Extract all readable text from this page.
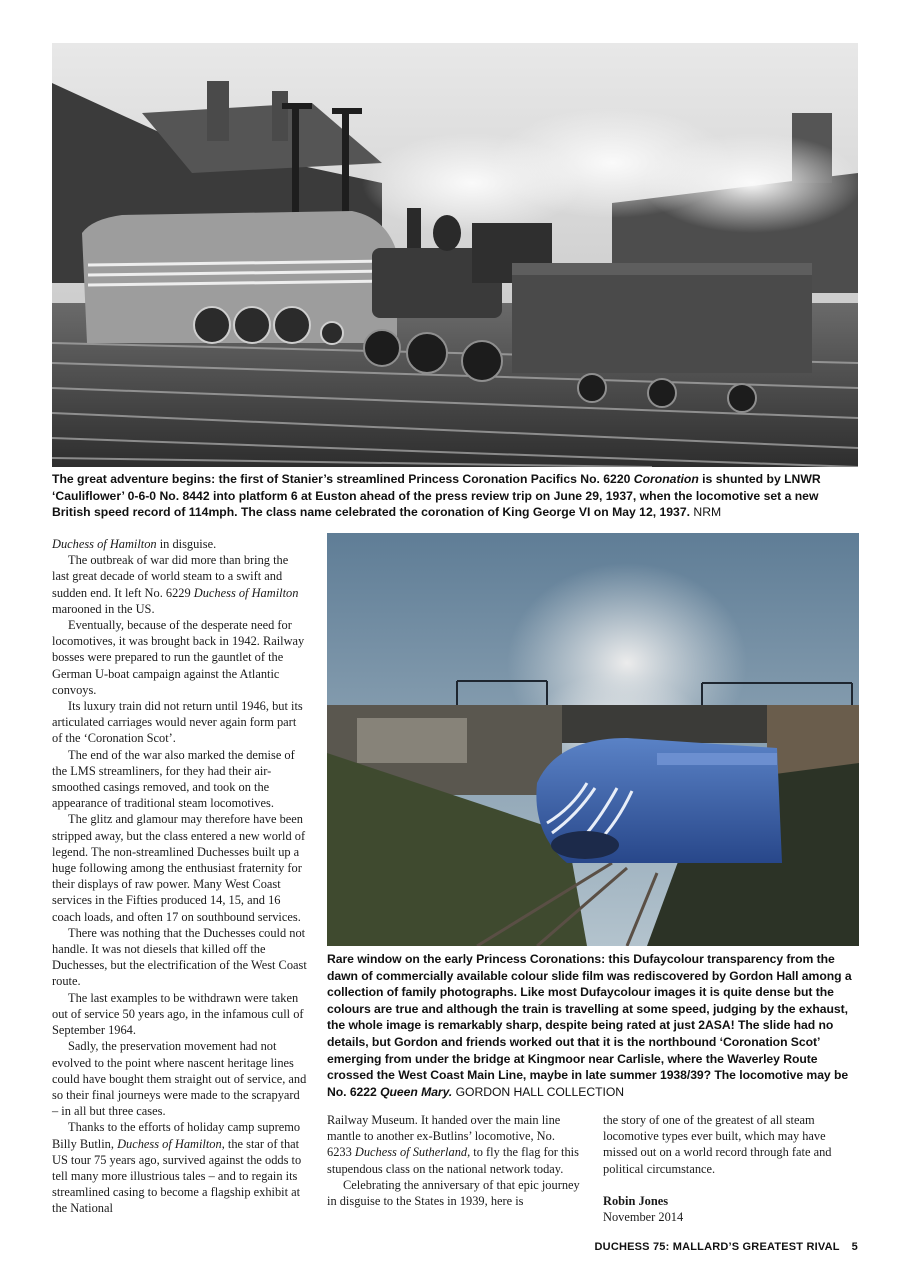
The great adventure begins: the first of Stanier’s streamlined Princess Coronation Pacifics No. 6220 Coronation is shunted by LNWR ‘Cauliflower’ 0-6-0 No. 8442 into platform 6 at Euston ahead of the press review trip on June 29, 1937, when the locomotive set a new British speed record of 114mph. The class name celebrated the coronation of King George VI on May 12, 1937. NRM
Rare window on the early Princess Coronations: this Dufaycolour transparency from the dawn of commercially available colour slide film was rediscovered by Gordon Hall among a collection of family photographs. Like most Dufaycolour images it is quite dense but the colours are true and although the train is travelling at some speed, judging by the exhaust, the whole image is remarkably sharp, despite being rated at just 2ASA! The slide had no details, but Gordon and friends worked out that it is the northbound ‘Coronation Scot’ emerging from under the bridge at Kingmoor near Carlisle, where the Waverley Route crossed the West Coast Main Line, maybe in late summer 1938/39? The locomotive may be No. 6222 Queen Mary. GORDON HALL COLLECTION

Duchess of Hamilton in disguise.

The outbreak of war did more than bring the last great decade of world steam to a swift and sudden end. It left No. 6229 Duchess of Hamilton marooned in the US.

Eventually, because of the desperate need for locomotives, it was brought back in 1942. Railway bosses were prepared to run the gauntlet of the German U-boat campaign against the Atlantic convoys.

Its luxury train did not return until 1946, but its articulated carriages would never again form part of the ‘Coronation Scot’.

The end of the war also marked the demise of the LMS streamliners, for they had their air-smoothed casings removed, and took on the appearance of traditional steam locomotives.

The glitz and glamour may therefore have been stripped away, but the class entered a new world of legend. The non-streamlined Duchesses built up a huge following among the enthusiast fraternity for their displays of raw power. Many West Coast services in the Fifties produced 14, 15, and 16 coach loads, and often 17 on southbound services.

There was nothing that the Duchesses could not handle. It was not diesels that killed off the Duchesses, but the electrification of the West Coast route.

The last examples to be withdrawn were taken out of service 50 years ago, in the infamous cull of September 1964.

Sadly, the preservation movement had not evolved to the point where nascent heritage lines could have bought them straight out of service, and so their final journeys were made to the scrapyard – in all but three cases.

Thanks to the efforts of holiday camp supremo Billy Butlin, Duchess of Hamilton, the star of that US tour 75 years ago, survived against the odds to tell many more illustrious tales – and to regain its streamlined casing to become a flagship exhibit at the National

Railway Museum. It handed over the main line mantle to another ex-Butlins’ locomotive, No. 6233 Duchess of Sutherland, to fly the flag for this stupendous class on the national network today.

Celebrating the anniversary of that epic journey in disguise to the States in 1939, here is

the story of one of the greatest of all steam locomotive types ever built, which may have missed out on a world record through fate and political circumstance.

Robin Jones
November 2014
DUCHESS 75: MALLARD’S GREATEST RIVAL 5
